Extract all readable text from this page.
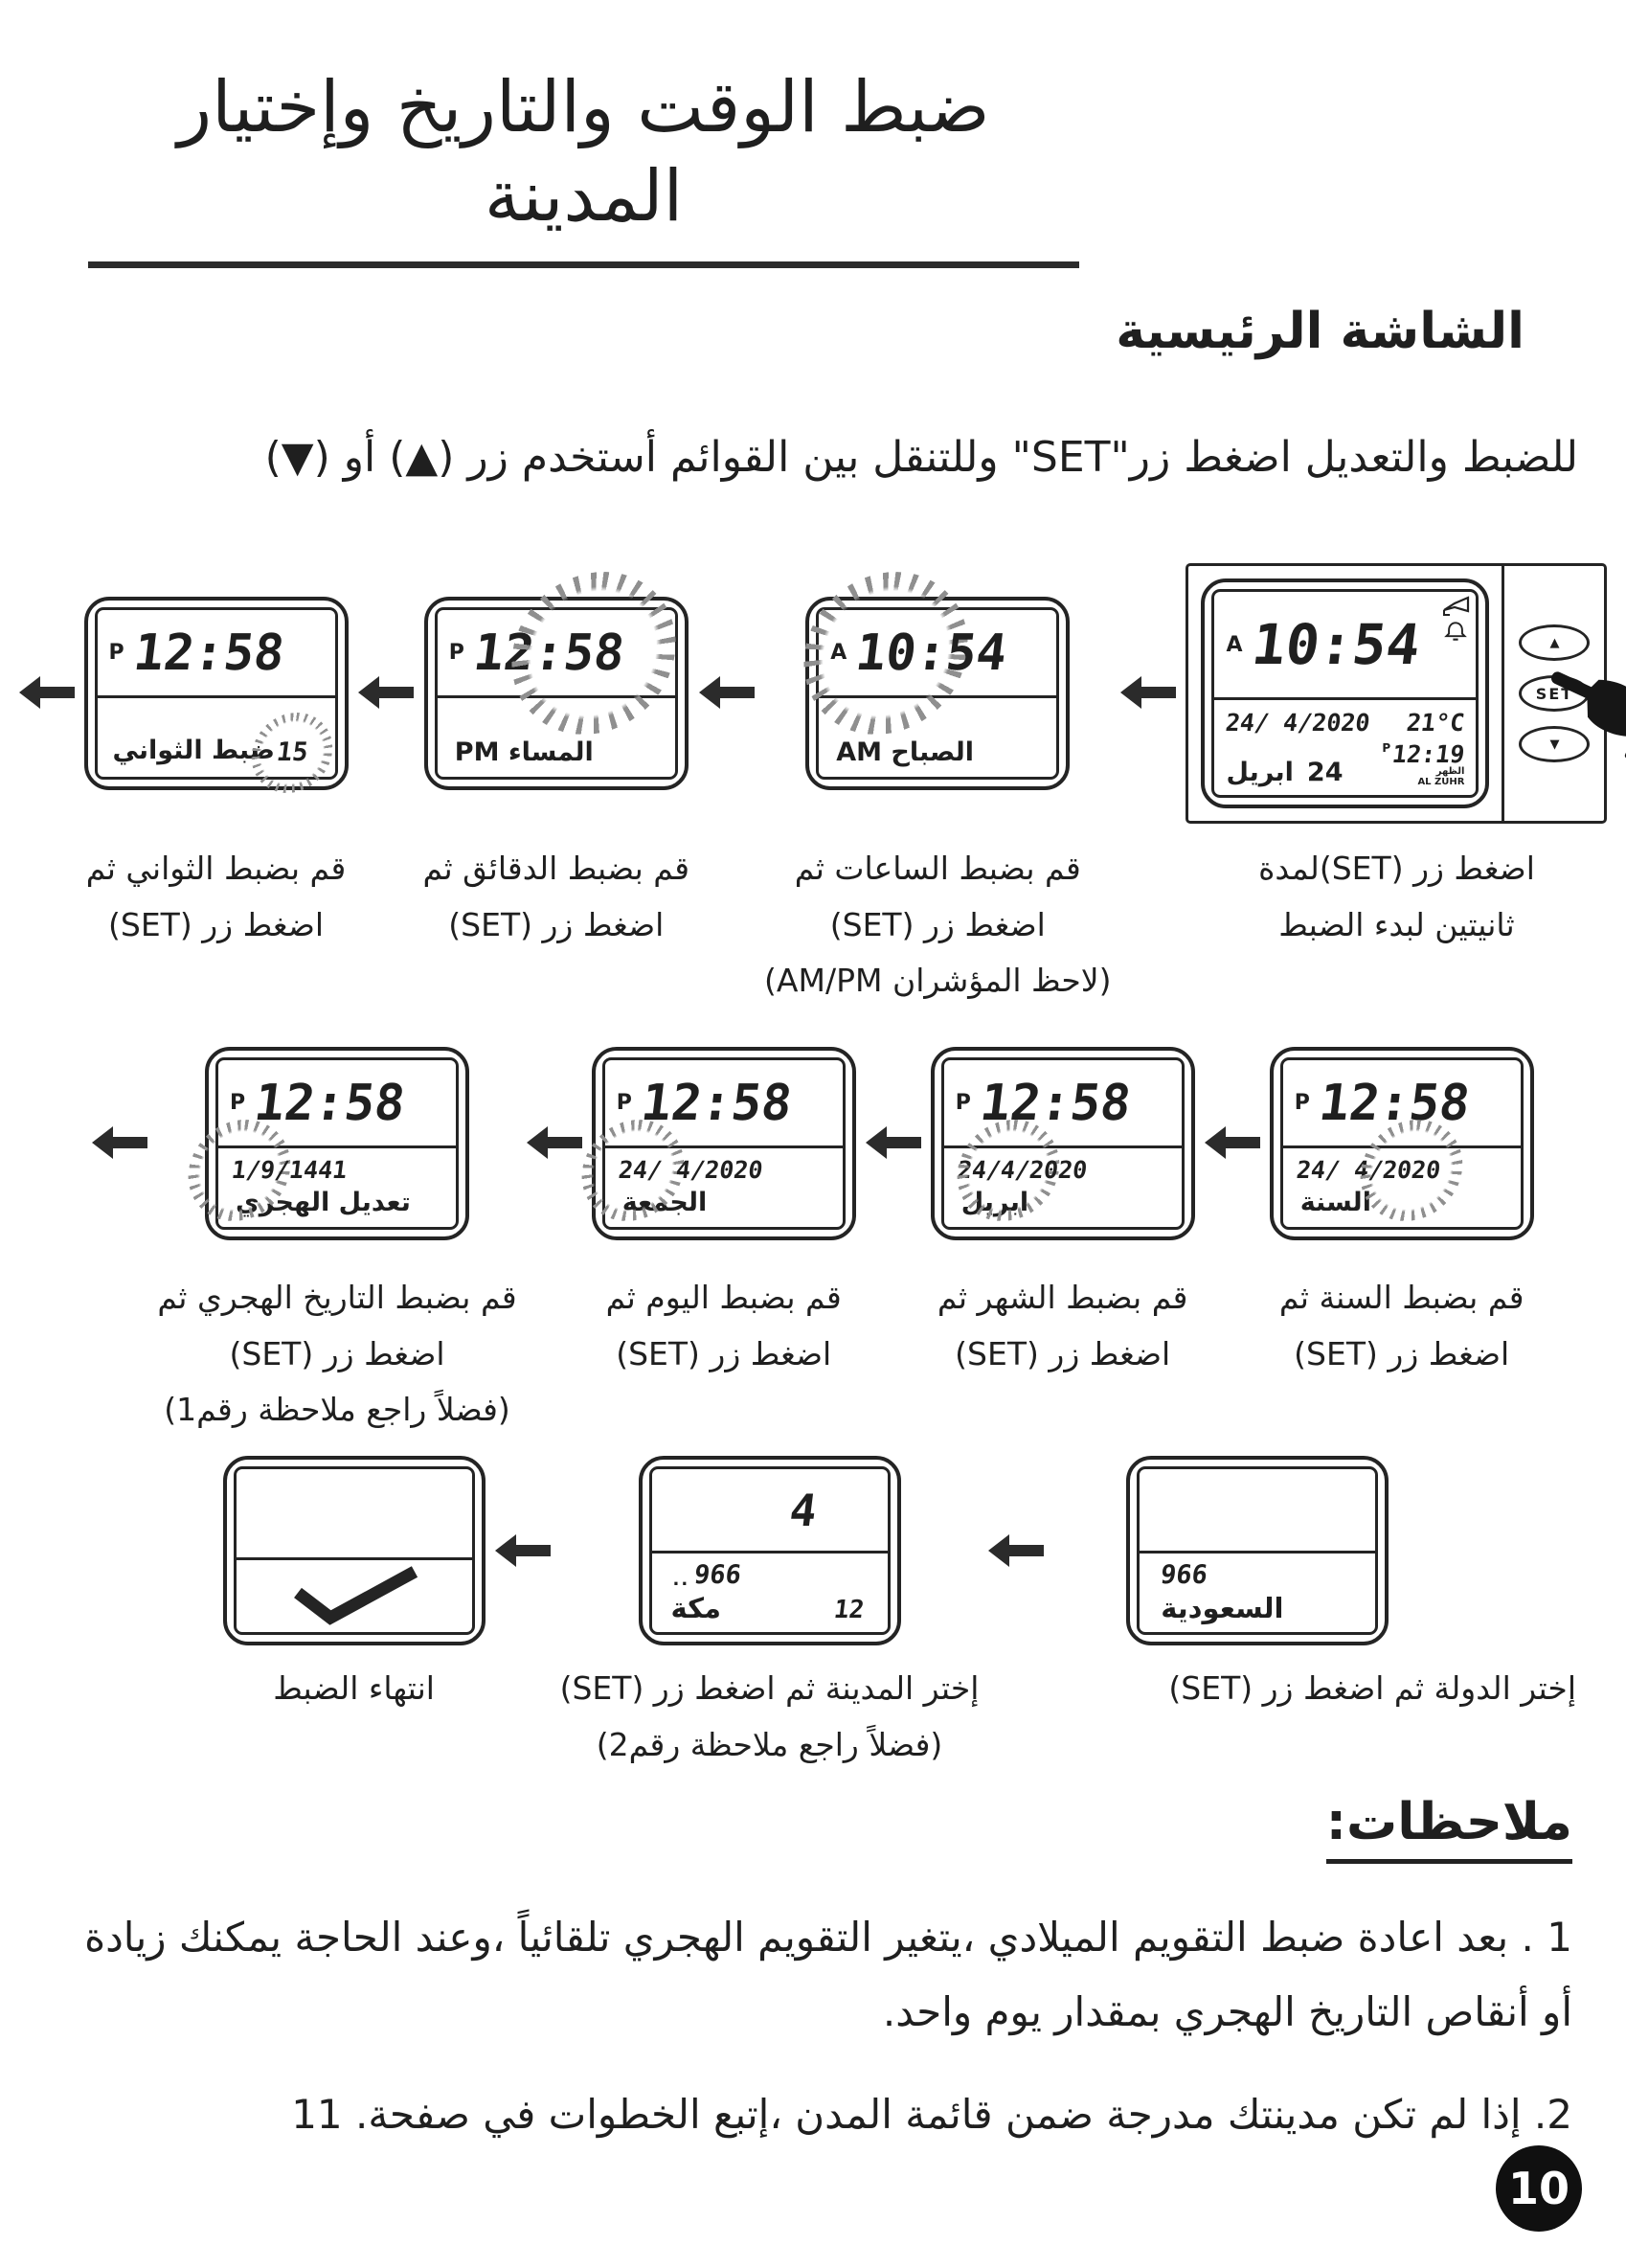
ضبط الوقت والتاريخ وإختيار المدينة
الشاشة الرئيسية
للضبط والتعديل اضغط زر"SET" وللتنقل بين القوائم أستخدم زر (▲) أو (▼)
A 10:54
24/ 4/2020 21°C
ابريل 24
P12:19
الظهر
AL ZUHR
▲
SET
▼
اضغط زر (SET)لمدة
ثانيتين لبدء الضبط
A 10
:54
الصباح AM
قم بضبط الساعات ثم
اضغط زر (SET)
(لاحظ المؤشران AM/PM)
P 12:
58
المساء PM
قم بضبط الدقائق ثم
اضغط زر (SET)
P 12:58
ضبط الثواني 15
قم بضبط الثواني ثم
اضغط زر (SET)
P 12:58
24/ 4/2020
السنة
قم بضبط السنة ثم
اضغط زر (SET)
P 12:58
24/4/2020
ابريل
قم بضبط الشهر ثم
اضغط زر (SET)
P 12:58
24/ 4/2020
الجمعة
قم بضبط اليوم ثم
اضغط زر (SET)
P 12:58
1/9/1441
تعديل الهجري
قم بضبط التاريخ الهجري ثم
اضغط زر (SET)
(فضلاً راجع ملاحظة رقم1)
966
السعودية
إختر الدولة ثم اضغط زر (SET)
4
.. 966
مكة	12
إختر المدينة ثم اضغط زر (SET)
(فضلاً راجع ملاحظة رقم2)
انتهاء الضبط
ملاحظات:

1 . بعد اعادة ضبط التقويم الميلادي ،يتغير التقويم الهجري تلقائياً ،وعند الحاجة يمكنك زيادة أو أنقاص التاريخ الهجري بمقدار يوم واحد.

2. إذا لم تكن مدينتك مدرجة ضمن قائمة المدن ،إتبع الخطوات في صفحة. 11

10
